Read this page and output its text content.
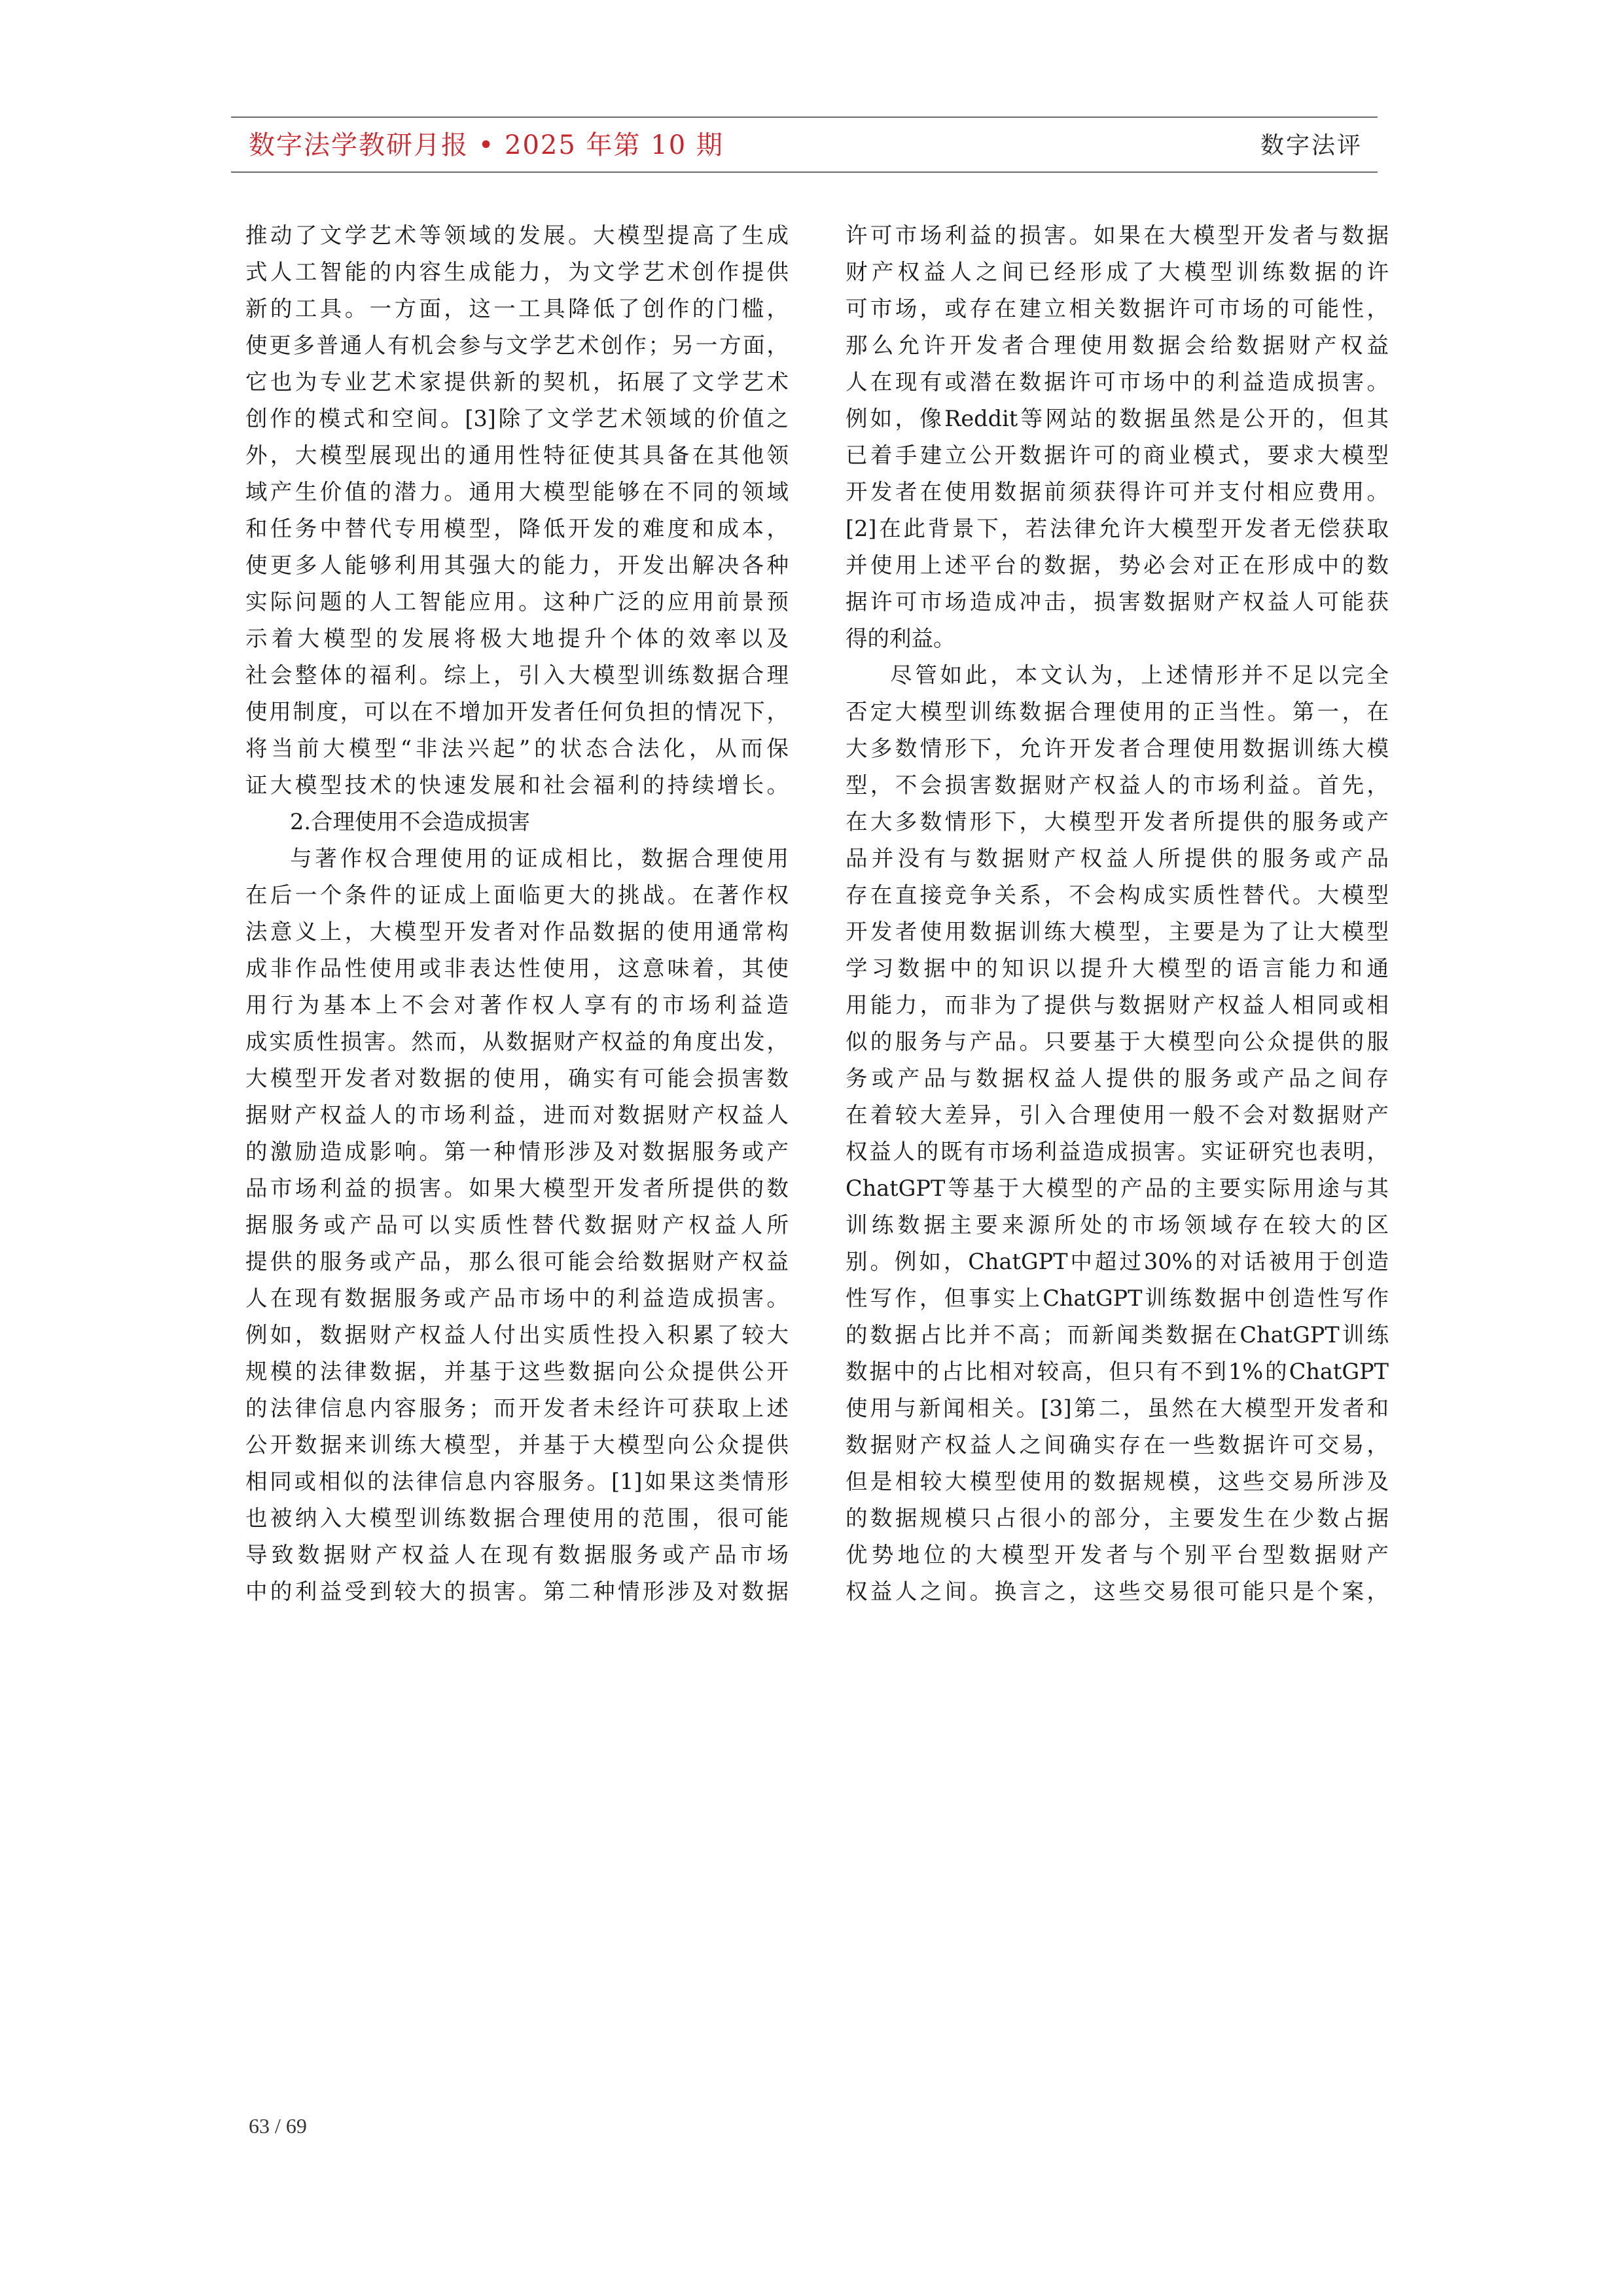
数字法学教研月报 • 2025 年第 10 期	数字法评
推动了文学艺术等领域的发展。大模型提高了生成
式人工智能的内容生成能力，为文学艺术创作提供
新的工具。一方面，这一工具降低了创作的门槛，
使更多普通人有机会参与文学艺术创作；另一方面，
它也为专业艺术家提供新的契机，拓展了文学艺术
创作的模式和空间。[3]除了文学艺术领域的价值之
外，大模型展现出的通用性特征使其具备在其他领
域产生价值的潜力。通用大模型能够在不同的领域
和任务中替代专用模型，降低开发的难度和成本，
使更多人能够利用其强大的能力，开发出解决各种
实际问题的人工智能应用。这种广泛的应用前景预
示着大模型的发展将极大地提升个体的效率以及
社会整体的福利。综上，引入大模型训练数据合理
使用制度，可以在不增加开发者任何负担的情况下，
将当前大模型“非法兴起”的状态合法化，从而保
证大模型技术的快速发展和社会福利的持续增长。
2.合理使用不会造成损害
与著作权合理使用的证成相比，数据合理使用
在后一个条件的证成上面临更大的挑战。在著作权
法意义上，大模型开发者对作品数据的使用通常构
成非作品性使用或非表达性使用，这意味着，其使
用行为基本上不会对著作权人享有的市场利益造
成实质性损害。然而，从数据财产权益的角度出发，
大模型开发者对数据的使用，确实有可能会损害数
据财产权益人的市场利益，进而对数据财产权益人
的激励造成影响。第一种情形涉及对数据服务或产
品市场利益的损害。如果大模型开发者所提供的数
据服务或产品可以实质性替代数据财产权益人所
提供的服务或产品，那么很可能会给数据财产权益
人在现有数据服务或产品市场中的利益造成损害。
例如，数据财产权益人付出实质性投入积累了较大
规模的法律数据，并基于这些数据向公众提供公开
的法律信息内容服务；而开发者未经许可获取上述
公开数据来训练大模型，并基于大模型向公众提供
相同或相似的法律信息内容服务。[1]如果这类情形
也被纳入大模型训练数据合理使用的范围，很可能
导致数据财产权益人在现有数据服务或产品市场
中的利益受到较大的损害。第二种情形涉及对数据
许可市场利益的损害。如果在大模型开发者与数据
财产权益人之间已经形成了大模型训练数据的许
可市场，或存在建立相关数据许可市场的可能性，
那么允许开发者合理使用数据会给数据财产权益
人在现有或潜在数据许可市场中的利益造成损害。
例如，像Reddit等网站的数据虽然是公开的，但其
已着手建立公开数据许可的商业模式，要求大模型
开发者在使用数据前须获得许可并支付相应费用。
[2]在此背景下，若法律允许大模型开发者无偿获取
并使用上述平台的数据，势必会对正在形成中的数
据许可市场造成冲击，损害数据财产权益人可能获
得的利益。
尽管如此，本文认为，上述情形并不足以完全
否定大模型训练数据合理使用的正当性。第一，在
大多数情形下，允许开发者合理使用数据训练大模
型，不会损害数据财产权益人的市场利益。首先，
在大多数情形下，大模型开发者所提供的服务或产
品并没有与数据财产权益人所提供的服务或产品
存在直接竞争关系，不会构成实质性替代。大模型
开发者使用数据训练大模型，主要是为了让大模型
学习数据中的知识以提升大模型的语言能力和通
用能力，而非为了提供与数据财产权益人相同或相
似的服务与产品。只要基于大模型向公众提供的服
务或产品与数据权益人提供的服务或产品之间存
在着较大差异，引入合理使用一般不会对数据财产
权益人的既有市场利益造成损害。实证研究也表明，
ChatGPT等基于大模型的产品的主要实际用途与其
训练数据主要来源所处的市场领域存在较大的区
别。例如，ChatGPT中超过30%的对话被用于创造
性写作，但事实上ChatGPT训练数据中创造性写作
的数据占比并不高；而新闻类数据在ChatGPT训练
数据中的占比相对较高，但只有不到1%的ChatGPT
使用与新闻相关。[3]第二，虽然在大模型开发者和
数据财产权益人之间确实存在一些数据许可交易，
但是相较大模型使用的数据规模，这些交易所涉及
的数据规模只占很小的部分，主要发生在少数占据
优势地位的大模型开发者与个别平台型数据财产
权益人之间。换言之，这些交易很可能只是个案，
63 / 69
